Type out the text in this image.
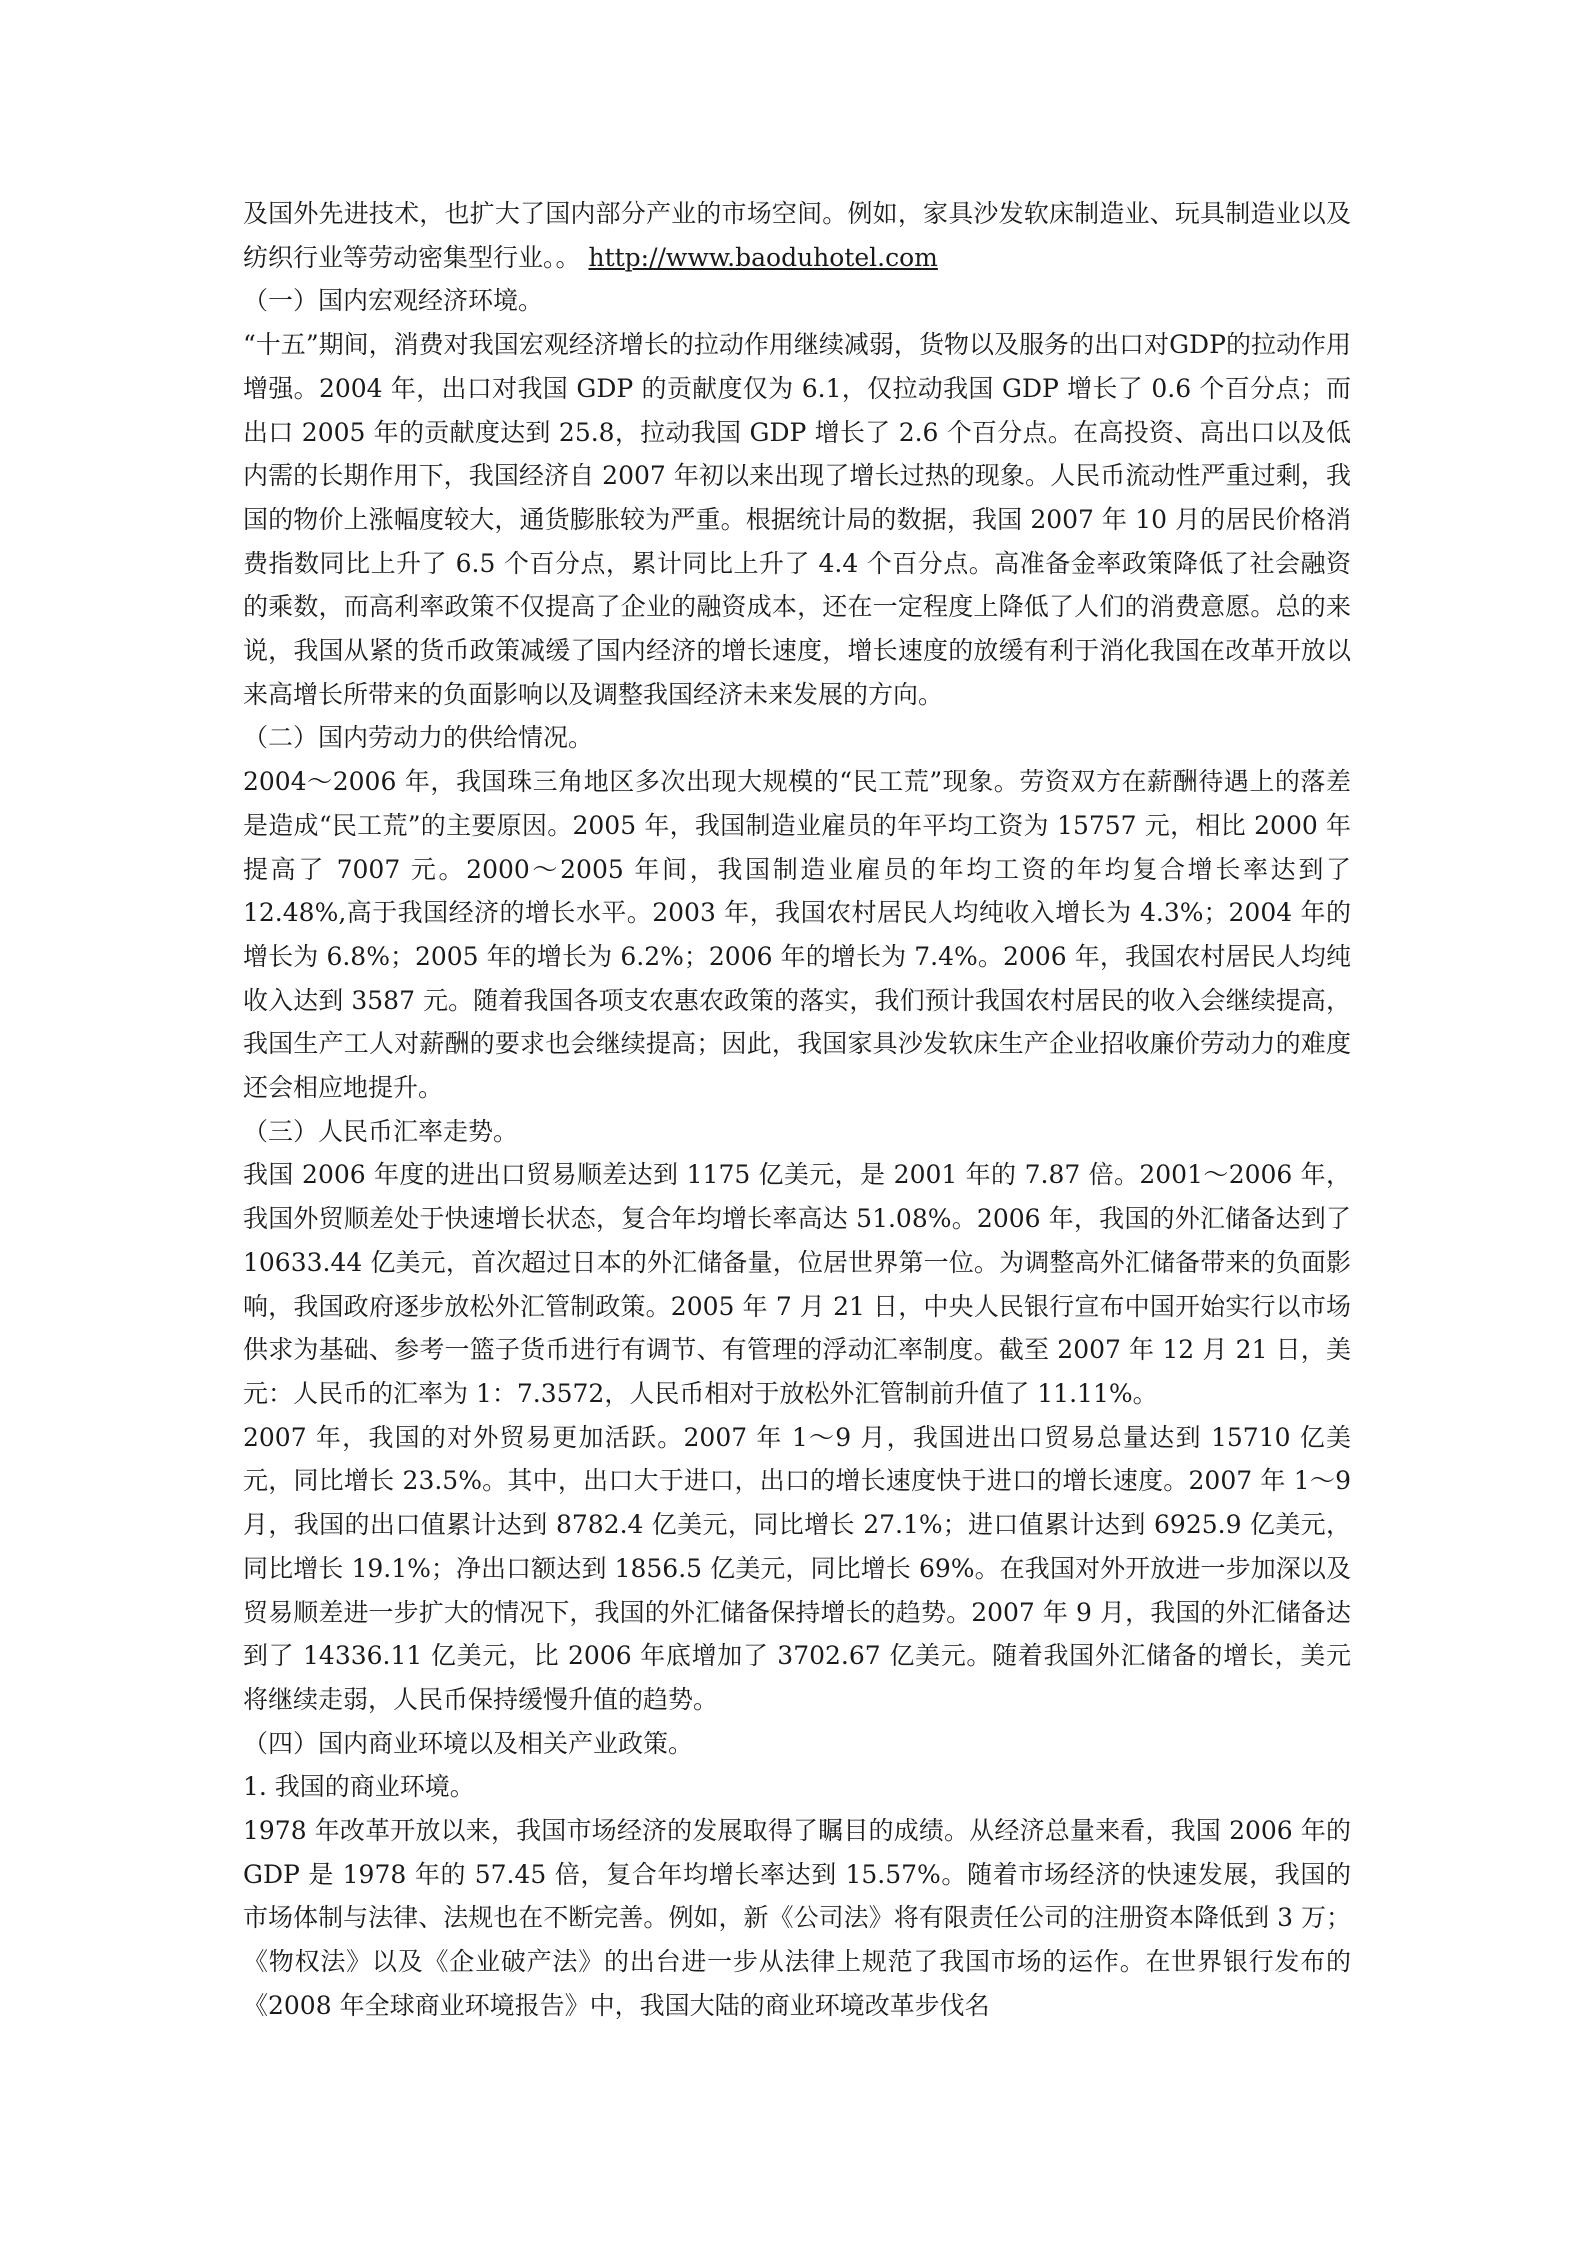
及国外先进技术，也扩大了国内部分产业的市场空间。例如，家具沙发软床制造业、玩具制造业以及纺织行业等劳动密集型行业。。 http://www.baoduhotel.com

（一）国内宏观经济环境。

“十五”期间，消费对我国宏观经济增长的拉动作用继续减弱，货物以及服务的出口对GDP的拉动作用增强。2004 年，出口对我国 GDP 的贡献度仅为 6.1，仅拉动我国 GDP 增长了 0.6 个百分点；而出口 2005 年的贡献度达到 25.8，拉动我国 GDP 增长了 2.6 个百分点。在高投资、高出口以及低内需的长期作用下，我国经济自 2007 年初以来出现了增长过热的现象。人民币流动性严重过剩，我国的物价上涨幅度较大，通货膨胀较为严重。根据统计局的数据，我国 2007 年 10 月的居民价格消费指数同比上升了 6.5 个百分点，累计同比上升了 4.4 个百分点。高准备金率政策降低了社会融资的乘数，而高利率政策不仅提高了企业的融资成本，还在一定程度上降低了人们的消费意愿。总的来说，我国从紧的货币政策减缓了国内经济的增长速度，增长速度的放缓有利于消化我国在改革开放以来高增长所带来的负面影响以及调整我国经济未来发展的方向。

（二）国内劳动力的供给情况。

2004～2006 年，我国珠三角地区多次出现大规模的“民工荒”现象。劳资双方在薪酬待遇上的落差是造成“民工荒”的主要原因。2005 年，我国制造业雇员的年平均工资为 15757 元，相比 2000 年提高了 7007 元。2000～2005 年间，我国制造业雇员的年均工资的年均复合增长率达到了 12.48%,高于我国经济的增长水平。2003 年，我国农村居民人均纯收入增长为 4.3%；2004 年的增长为 6.8%；2005 年的增长为 6.2%；2006 年的增长为 7.4%。2006 年，我国农村居民人均纯收入达到 3587 元。随着我国各项支农惠农政策的落实，我们预计我国农村居民的收入会继续提高，我国生产工人对薪酬的要求也会继续提高；因此，我国家具沙发软床生产企业招收廉价劳动力的难度还会相应地提升。

（三）人民币汇率走势。

我国 2006 年度的进出口贸易顺差达到 1175 亿美元，是 2001 年的 7.87 倍。2001～2006 年，我国外贸顺差处于快速增长状态，复合年均增长率高达 51.08%。2006 年，我国的外汇储备达到了 10633.44 亿美元，首次超过日本的外汇储备量，位居世界第一位。为调整高外汇储备带来的负面影响，我国政府逐步放松外汇管制政策。2005 年 7 月 21 日，中央人民银行宣布中国开始实行以市场供求为基础、参考一篮子货币进行有调节、有管理的浮动汇率制度。截至 2007 年 12 月 21 日，美元：人民币的汇率为 1：7.3572，人民币相对于放松外汇管制前升值了 11.11%。

2007 年，我国的对外贸易更加活跃。2007 年 1～9 月，我国进出口贸易总量达到 15710 亿美元，同比增长 23.5%。其中，出口大于进口，出口的增长速度快于进口的增长速度。2007 年 1～9 月，我国的出口值累计达到 8782.4 亿美元，同比增长 27.1%；进口值累计达到 6925.9 亿美元，同比增长 19.1%；净出口额达到 1856.5 亿美元，同比增长 69%。在我国对外开放进一步加深以及贸易顺差进一步扩大的情况下，我国的外汇储备保持增长的趋势。2007 年 9 月，我国的外汇储备达到了 14336.11 亿美元，比 2006 年底增加了 3702.67 亿美元。随着我国外汇储备的增长，美元将继续走弱，人民币保持缓慢升值的趋势。

（四）国内商业环境以及相关产业政策。

1. 我国的商业环境。

1978 年改革开放以来，我国市场经济的发展取得了瞩目的成绩。从经济总量来看，我国 2006 年的 GDP 是 1978 年的 57.45 倍，复合年均增长率达到 15.57%。随着市场经济的快速发展，我国的市场体制与法律、法规也在不断完善。例如，新《公司法》将有限责任公司的注册资本降低到 3 万；《物权法》以及《企业破产法》的出台进一步从法律上规范了我国市场的运作。在世界银行发布的《2008 年全球商业环境报告》中，我国大陆的商业环境改革步伐名
